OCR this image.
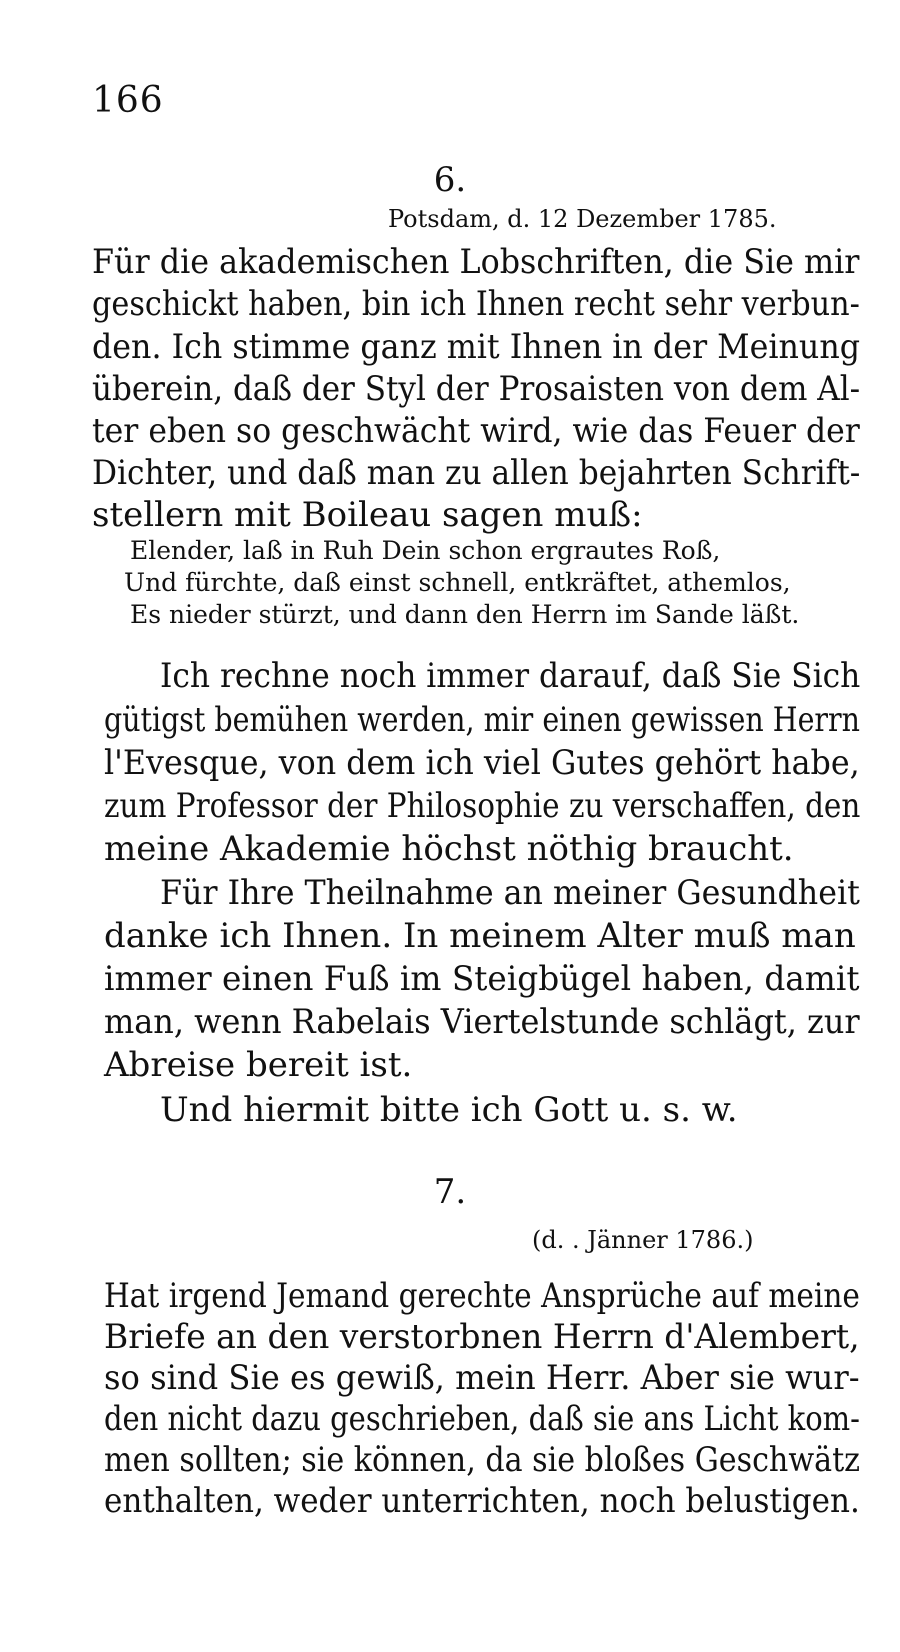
166
6.
Potsdam, d. 12 Dezember 1785.
Für die akademischen Lobschriften, die Sie mir
geschickt haben, bin ich Ihnen recht sehr verbun-
den. Ich stimme ganz mit Ihnen in der Meinung
überein, daß der Styl der Prosaisten von dem Al-
ter eben so geschwächt wird, wie das Feuer der
Dichter, und daß man zu allen bejahrten Schrift-
stellern mit Boileau sagen muß:
Elender, laß in Ruh Dein schon ergrautes Roß,
Und fürchte, daß einst schnell, entkräftet, athemlos,
Es nieder stürzt, und dann den Herrn im Sande läßt.
Ich rechne noch immer darauf, daß Sie Sich
gütigst bemühen werden, mir einen gewissen Herrn
l'Evesque, von dem ich viel Gutes gehört habe,
zum Professor der Philosophie zu verschaffen, den
meine Akademie höchst nöthig braucht.
Für Ihre Theilnahme an meiner Gesundheit
danke ich Ihnen. In meinem Alter muß man
immer einen Fuß im Steigbügel haben, damit
man, wenn Rabelais Viertelstunde schlägt, zur
Abreise bereit ist.
Und hiermit bitte ich Gott u. s. w.
7.
(d. . Jänner 1786.)
Hat irgend Jemand gerechte Ansprüche auf meine
Briefe an den verstorbnen Herrn d'Alembert,
so sind Sie es gewiß, mein Herr. Aber sie wur-
den nicht dazu geschrieben, daß sie ans Licht kom-
men sollten; sie können, da sie bloßes Geschwätz
enthalten, weder unterrichten, noch belustigen.
